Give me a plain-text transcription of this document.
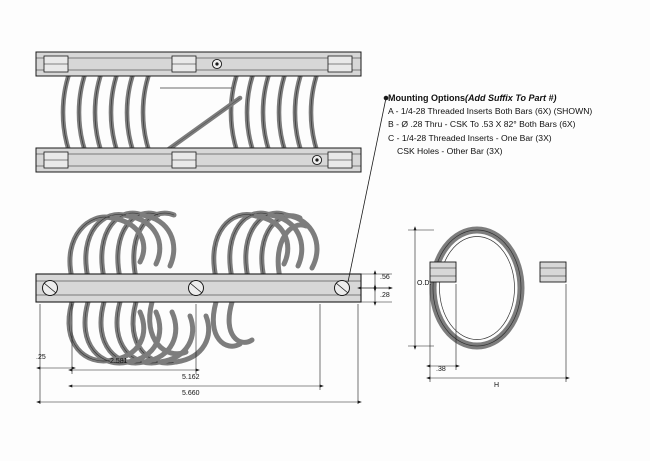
Mounting Options(Add Suffix To Part #)
A - 1/4-28 Threaded Inserts Both Bars (6X) (SHOWN)
B - Ø .28 Thru - CSK To .53 X 82° Both Bars (6X)
C - 1/4-28 Threaded Inserts - One Bar (3X)
CSK Holes - Other Bar (3X)
.25
2.581
5.162
5.660
.56
.28
O.D.
H
.38
